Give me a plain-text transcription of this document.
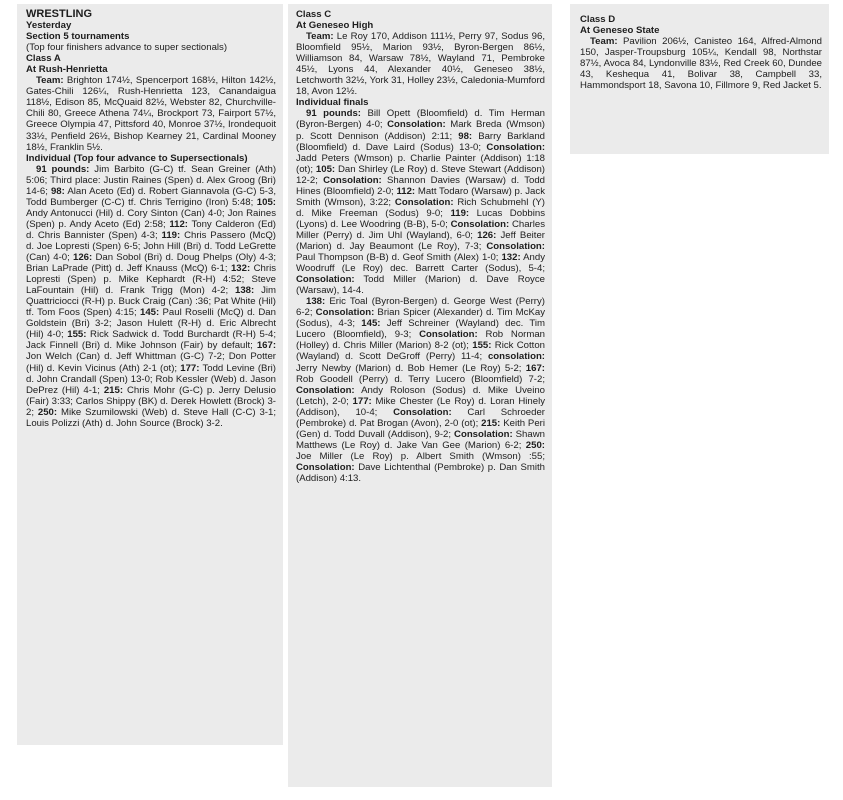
WRESTLING

Yesterday

Section 5 tournaments

(Top four finishers advance to super sectionals)

Class A

At Rush-Henrietta

Team: Brighton 174½, Spencerport 168½, Hilton 142½, Gates-Chili 126¼, Rush-Henrietta 123, Canandaigua 118½, Edison 85, McQuaid 82½, Webster 82, Churchville-Chili 80, Greece Athena 74¼, Brockport 73, Fairport 57½, Greece Olympia 47, Pittsford 40, Monroe 37½, Irondequoit 33½, Penfield 26½, Bishop Kearney 21, Cardinal Mooney 18½, Franklin 5½.

Individual (Top four advance to Supersectionals)

91 pounds: Jim Barbito (G-C) tf. Sean Greiner (Ath) 5:06; Third place: Justin Raines (Spen) d. Alex Groog (Bri) 14-6; 98: Alan Aceto (Ed) d. Robert Giannavola (G-C) 5-3, Todd Bumberger (C-C) tf. Chris Terrigino (Iron) 5:48; 105: Andy Antonucci (Hil) d. Cory Sinton (Can) 4-0; Jon Raines (Spen) p. Andy Aceto (Ed) 2:58; 112: Tony Calderon (Ed) d. Chris Bannister (Spen) 4-3; 119: Chris Passero (McQ) d. Joe Lopresti (Spen) 6-5; John Hill (Bri) d. Todd LeGrette (Can) 4-0; 126: Dan Sobol (Bri) d. Doug Phelps (Oly) 4-3; Brian LaPrade (Pitt) d. Jeff Knauss (McQ) 6-1; 132: Chris Lopresti (Spen) p. Mike Kephardt (R-H) 4:52; Steve LaFountain (Hil) d. Frank Trigg (Mon) 4-2; 138: Jim Quattriciocci (R-H) p. Buck Craig (Can) :36; Pat White (Hil) tf. Tom Foos (Spen) 4:15; 145: Paul Roselli (McQ) d. Dan Goldstein (Bri) 3-2; Jason Hulett (R-H) d. Eric Albrecht (Hil) 4-0; 155: Rick Sadwick d. Todd Burchardt (R-H) 5-4; Jack Finnell (Bri) d. Mike Johnson (Fair) by default; 167: Jon Welch (Can) d. Jeff Whittman (G-C) 7-2; Don Potter (Hil) d. Kevin Vicinus (Ath) 2-1 (ot); 177: Todd Levine (Bri) d. John Crandall (Spen) 13-0; Rob Kessler (Web) d. Jason DePrez (Hil) 4-1; 215: Chris Mohr (G-C) p. Jerry Delusio (Fair) 3:33; Carlos Shippy (BK) d. Derek Howlett (Brock) 3-2; 250: Mike Szumilowski (Web) d. Steve Hall (C-C) 3-1; Louis Polizzi (Ath) d. John Source (Brock) 3-2.

Class C

At Geneseo High

Team: Le Roy 170, Addison 111½, Perry 97, Sodus 96, Bloomfield 95½, Marion 93½, Byron-Bergen 86½, Williamson 84, Warsaw 78½, Wayland 71, Pembroke 45½, Lyons 44, Alexander 40½, Geneseo 38½, Letchworth 32½, York 31, Holley 23½, Caledonia-Mumford 18, Avon 12½.

Individual finals

91 pounds: Bill Opett (Bloomfield) d. Tim Herman (Byron-Bergen) 4-0; Consolation: Mark Breda (Wmson) p. Scott Dennison (Addison) 2:11; 98: Barry Barkland (Bloomfield) d. Dave Laird (Sodus) 13-0; Consolation: Jadd Peters (Wmson) p. Charlie Painter (Addison) 1:18 (ot); 105: Dan Shirley (Le Roy) d. Steve Stewart (Addison) 12-2; Consolation: Shannon Davies (Warsaw) d. Todd Hines (Bloomfield) 2-0; 112: Matt Todaro (Warsaw) p. Jack Smith (Wmson), 3:22; Consolation: Rich Schubmehl (Y) d. Mike Freeman (Sodus) 9-0; 119: Lucas Dobbins (Lyons) d. Lee Woodring (B-B), 5-0; Consolation: Charles Miller (Perry) d. Jim Uhl (Wayland), 6-0; 126: Jeff Beiter (Marion) d. Jay Beaumont (Le Roy), 7-3; Consolation: Paul Thompson (B-B) d. Geof Smith (Alex) 1-0; 132: Andy Woodruff (Le Roy) dec. Barrett Carter (Sodus), 5-4; Consolation: Todd Miller (Marion) d. Dave Royce (Warsaw), 14-4.

138: Eric Toal (Byron-Bergen) d. George West (Perry) 6-2; Consolation: Brian Spicer (Alexander) d. Tim McKay (Sodus), 4-3; 145: Jeff Schreiner (Wayland) dec. Tim Lucero (Bloomfield), 9-3; Consolation: Rob Norman (Holley) d. Chris Miller (Marion) 8-2 (ot); 155: Rick Cotton (Wayland) d. Scott DeGroff (Perry) 11-4; consolation: Jerry Newby (Marion) d. Bob Hemer (Le Roy) 5-2; 167: Rob Goodell (Perry) d. Terry Lucero (Bloomfield) 7-2; Consolation: Andy Roloson (Sodus) d. Mike Uveino (Letch), 2-0; 177: Mike Chester (Le Roy) d. Loran Hinely (Addison), 10-4; Consolation: Carl Schroeder (Pembroke) d. Pat Brogan (Avon), 2-0 (ot); 215: Keith Peri (Gen) d. Todd Duvall (Addison), 9-2; Consolation: Shawn Matthews (Le Roy) d. Jake Van Gee (Marion) 6-2; 250: Joe Miller (Le Roy) p. Albert Smith (Wmson) :55; Consolation: Dave Lichtenthal (Pembroke) p. Dan Smith (Addison) 4:13.

Class D

At Geneseo State

Team: Pavilion 206½, Canisteo 164, Alfred-Almond 150, Jasper-Troupsburg 105¼, Kendall 98, Northstar 87½, Avoca 84, Lyndonville 83½, Red Creek 60, Dundee 43, Keshequa 41, Bolivar 38, Campbell 33, Hammondsport 18, Savona 10, Fillmore 9, Red Jacket 5.
